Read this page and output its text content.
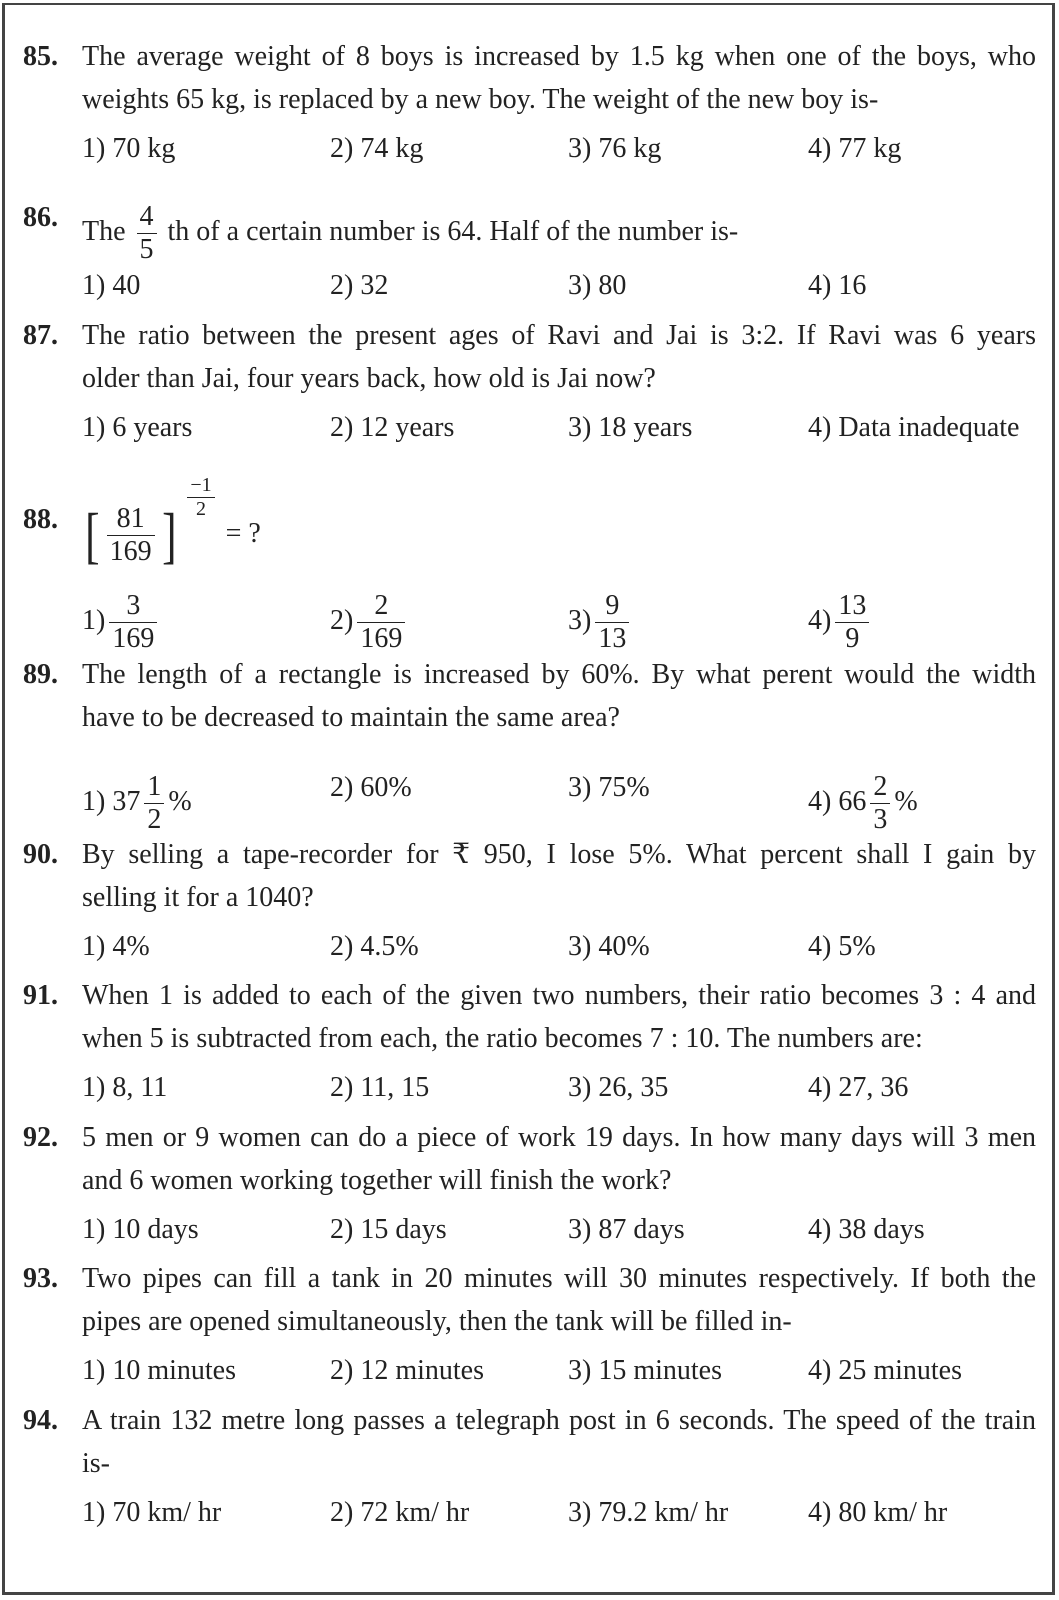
85. The average weight of 8 boys is increased by 1.5 kg when one of the boys, who
weights 65 kg, is replaced by a new boy. The weight of the new boy is-
1) 70 kg	2) 74 kg	3) 76 kg	4) 77 kg
86. The $\frac{4}{5}$ th of a certain number is 64. Half of the number is-
1) 40	2) 32	3) 80	4) 16
87. The ratio between the present ages of Ravi and Jai is 3:2. If Ravi was 6 years
older than Jai, four years back, how old is Jai now?
1) 6 years	2) 12 years	3) 18 years	4) Data inadequate
88. [ $\frac{81}{169}$ ]
$\frac{-1}{2}$
= ?
$1) \frac{3}{169}$	$2) \frac{2}{169}$	$3) \frac{9}{13}$	$4) \frac{13}{9}$
89. The length of a rectangle is increased by 60%. By what perent would the width
have to be decreased to maintain the same area?
1) $37 \frac{1}{2}$ %	2) 60%	3) 75%	4) $66 \frac{2}{3}$ %
90. By selling a tape-recorder for ₹ 950, I lose 5%. What percent shall I gain by
selling it for a 1040?
1) 4%	2) 4.5%	3) 40%	4) 5%
91. When 1 is added to each of the given two numbers, their ratio becomes 3 : 4 and
when 5 is subtracted from each, the ratio becomes 7 : 10. The numbers are:
1) 8, 11	2) 11, 15	3) 26, 35	4) 27, 36
92. 5 men or 9 women can do a piece of work 19 days. In how many days will 3 men
and 6 women working together will finish the work?
1) 10 days	2) 15 days	3) 87 days	4) 38 days
93. Two pipes can fill a tank in 20 minutes will 30 minutes respectively. If both the
pipes are opened simultaneously, then the tank will be filled in-
1) 10 minutes	2) 12 minutes	3) 15 minutes	4) 25 minutes
94. A train 132 metre long passes a telegraph post in 6 seconds. The speed of the train
is-
1) 70 km/ hr	2) 72 km/ hr	3) 79.2 km/ hr	4) 80 km/ hr
